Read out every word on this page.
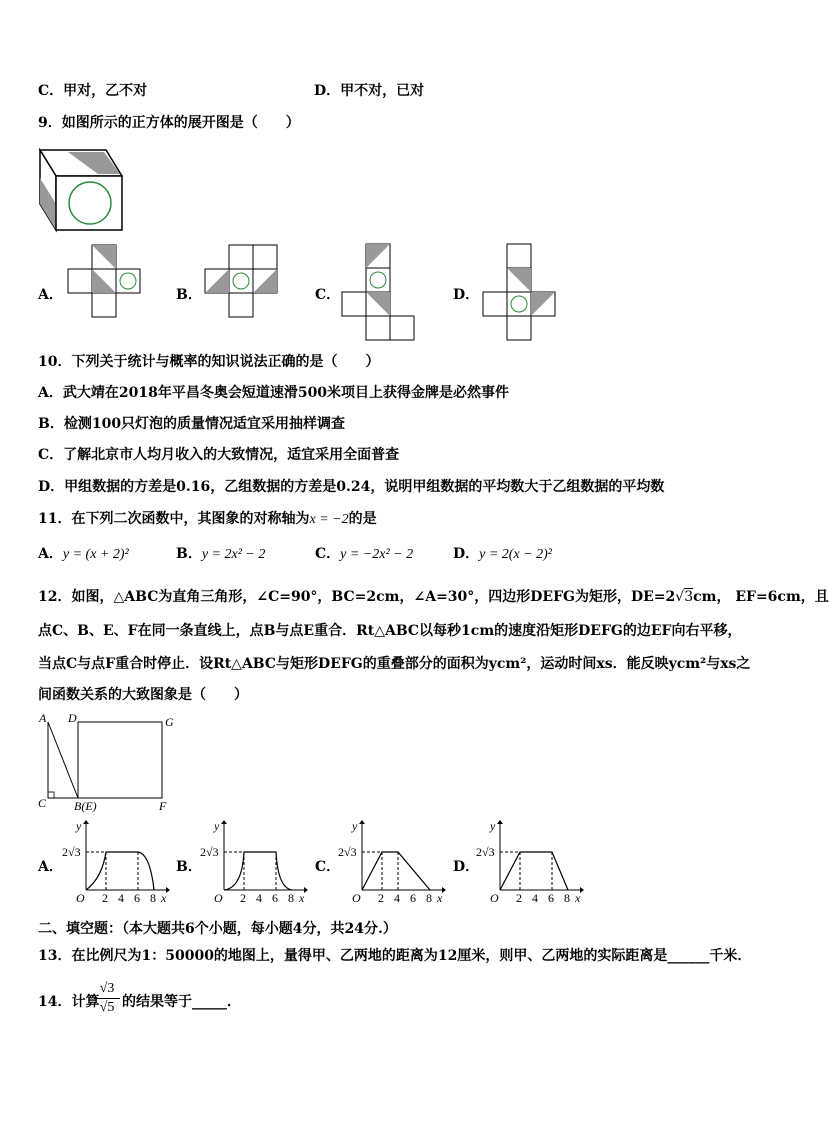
C．甲对，乙不对	D．甲不对，已对
9．如图所示的正方体的展开图是（　　）
A．	B．	C．	D．
10．下列关于统计与概率的知识说法正确的是（　　）
A．武大靖在2018年平昌冬奥会短道速滑500米项目上获得金牌是必然事件
B．检测100只灯泡的质量情况适宜采用抽样调查
C．了解北京市人均月收入的大致情况，适宜采用全面普查
D．甲组数据的方差是0.16，乙组数据的方差是0.24，说明甲组数据的平均数大于乙组数据的平均数
11．在下列二次函数中，其图象的对称轴为x = −2的是
A．y = (x + 2)²	B．y = 2x² − 2	C．y = −2x² − 2	D．y = 2(x − 2)²
12．如图，△ABC为直角三角形，∠C=90°，BC=2cm，∠A=30°，四边形DEFG为矩形，DE=2√3cm， EF=6cm，且
点C、B、E、F在同一条直线上，点B与点E重合．Rt△ABC以每秒1cm的速度沿矩形DEFG的边EF向右平移，
当点C与点F重合时停止．设Rt△ABC与矩形DEFG的重叠部分的面积为ycm²，运动时间xs．能反映ycm²与xs之
间函数关系的大致图象是（　　）
A D	G
C B(E)	F
A．	B．	C．	D．
y
x
O
2√3
2 4 6 8
y
x
O
2√3
2 4 6 8
y
x
O
2√3
2 4 6 8
y
x
O
2√3
2 4 6 8
二、填空题：（本大题共6个小题，每小题4分，共24分.）
13．在比例尺为1：50000的地图上，量得甲、乙两地的距离为12厘米，则甲、乙两地的实际距离是______千米．
14．计算
√3
√5 的结果等于_____．
